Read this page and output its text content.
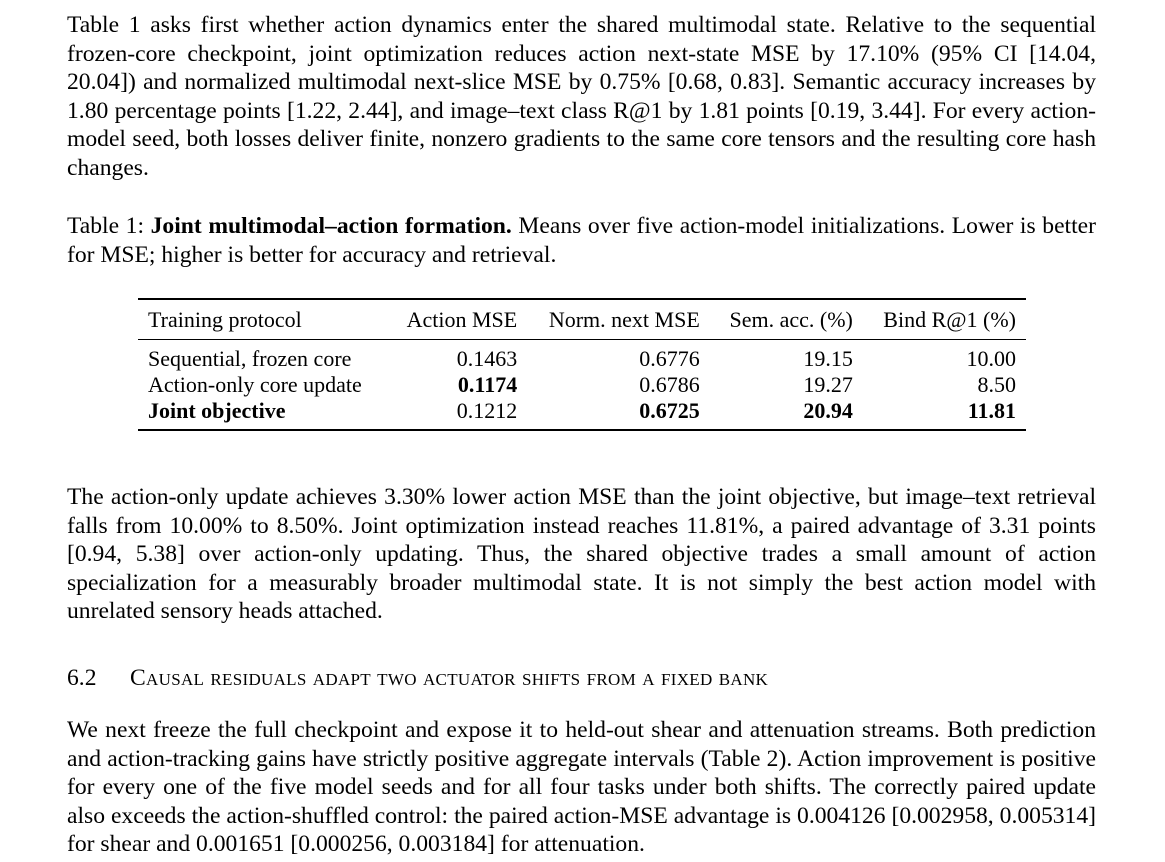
Table 1 asks first whether action dynamics enter the shared multimodal state. Relative to the sequential frozen-core checkpoint, joint optimization reduces action next-state MSE by 17.10% (95% CI [14.04, 20.04]) and normalized multimodal next-slice MSE by 0.75% [0.68, 0.83]. Semantic accuracy increases by 1.80 percentage points [1.22, 2.44], and image–text class R@1 by 1.81 points [0.19, 3.44]. For every action-model seed, both losses deliver finite, nonzero gradients to the same core tensors and the resulting core hash changes.

Table 1: Joint multimodal–action formation. Means over five action-model initializations. Lower is better for MSE; higher is better for accuracy and retrieval.

Training protocol	Action MSE	Norm. next MSE	Sem. acc. (%)	Bind R@1 (%)
Sequential, frozen core	0.1463	0.6776	19.15	10.00
Action-only core update	0.1174	0.6786	19.27	8.50
Joint objective	0.1212	0.6725	20.94	11.81

The action-only update achieves 3.30% lower action MSE than the joint objective, but image–text retrieval falls from 10.00% to 8.50%. Joint optimization instead reaches 11.81%, a paired advantage of 3.31 points [0.94, 5.38] over action-only updating. Thus, the shared objective trades a small amount of action specialization for a measurably broader multimodal state. It is not simply the best action model with unrelated sensory heads attached.

6.2 Causal residuals adapt two actuator shifts from a fixed bank

We next freeze the full checkpoint and expose it to held-out shear and attenuation streams. Both prediction and action-tracking gains have strictly positive aggregate intervals (Table 2). Action improvement is positive for every one of the five model seeds and for all four tasks under both shifts. The correctly paired update also exceeds the action-shuffled control: the paired action-MSE advantage is 0.004126 [0.002958, 0.005314] for shear and 0.001651 [0.000256, 0.003184] for attenuation.
